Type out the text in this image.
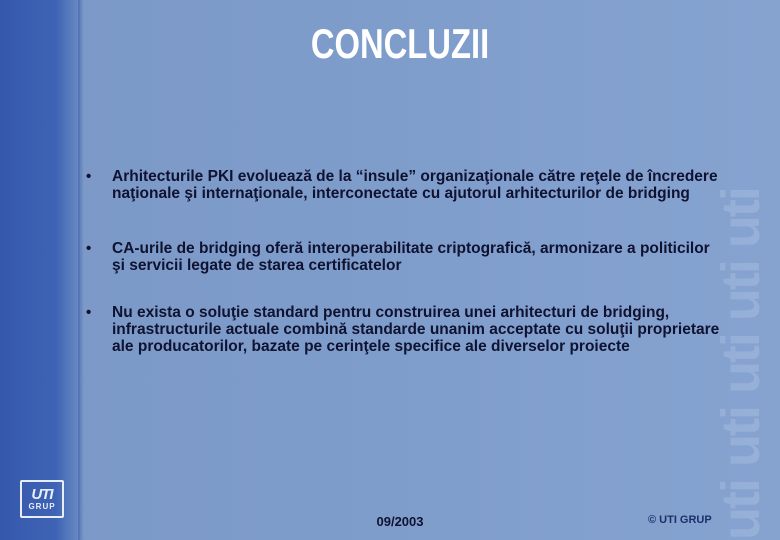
uti uti uti uti uti
CONCLUZII
•	Arhitecturile PKI evoluează de la “insule” organizaţionale către reţele de încredere naţionale şi internaţionale, interconectate cu ajutorul arhitecturilor de bridging
•	CA-urile de bridging oferă interoperabilitate criptografică, armonizare a politicilor şi servicii legate de starea certificatelor
•	Nu exista o soluţie standard pentru construirea unei arhitecturi de bridging, infrastructurile actuale combină standarde unanim acceptate cu soluţii proprietare ale producatorilor, bazate pe cerinţele specifice ale diverselor proiecte
UTI
GRUP
09/2003	© UTI GRUP
